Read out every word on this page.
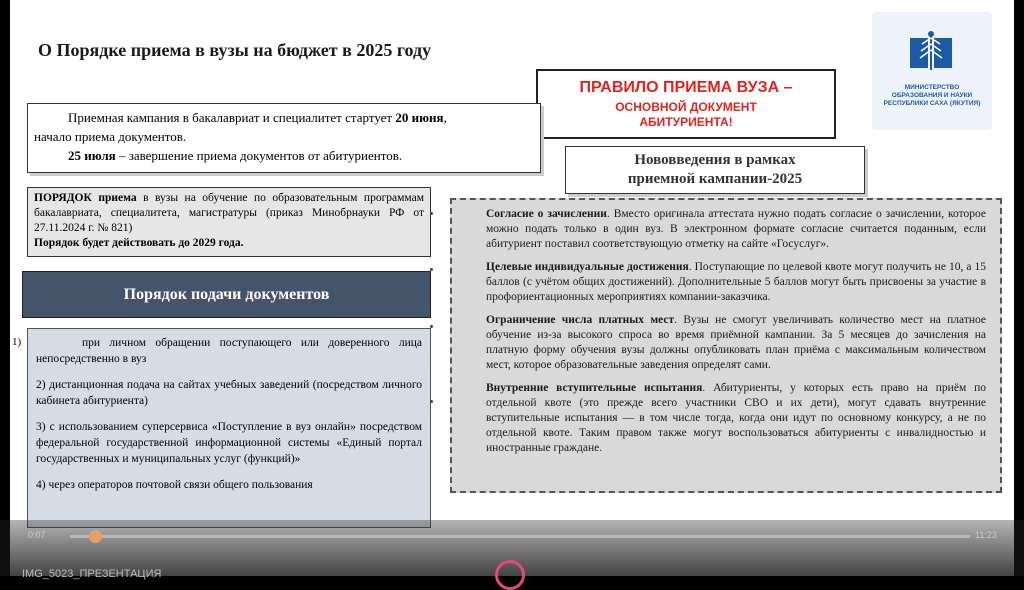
О Порядке приема в вузы на бюджет в 2025 году
МИНИСТЕРСТВО
ОБРАЗОВАНИЯ И НАУКИ
РЕСПУБЛИКИ САХА (ЯКУТИЯ)
ПРАВИЛО ПРИЕМА ВУЗА –
ОСНОВНОЙ ДОКУМЕНТ
АБИТУРИЕНТА!
Приемная кампания в бакалавриат и специалитет стартует 20 июня,
начало приема документов.
25 июля – завершение приема документов от абитуриентов.
ПОРЯДОК приема в вузы на обучение по образовательным программам бакалавриата, специалитета, магистратуры (приказ Минобрнауки РФ от 27.11.2024 г. № 821)
Порядок будет действовать до 2029 года.
Порядок подачи документов
1)	при личном обращении поступающего или доверенного лица непосредственно в вуз

2) дистанционная подача на сайтах учебных заведений (посредством личного кабинета абитуриента)

3) с использованием суперсервиса «Поступление в вуз онлайн» посредством федеральной государственной информационной системы «Единый портал государственных и муниципальных услуг (функций)»

4) через операторов почтовой связи общего пользования

Нововведения в рамках
приемной кампании-2025

Согласие о зачислении. Вместо оригинала аттестата нужно подать согласие о зачислении, которое можно подать только в один вуз. В электронном формате согласие считается поданным, если абитуриент поставил соответствующую отметку на сайте «Госуслуг».

Целевые индивидуальные достижения. Поступающие по целевой квоте могут получить не 10, а 15 баллов (с учётом общих достижений). Дополнительные 5 баллов могут быть присвоены за участие в профориентационных мероприятиях компании-заказчика.

Ограничение числа платных мест. Вузы не смогут увеличивать количество мест на платное обучение из-за высокого спроса во время приёмной кампании. За 5 месяцев до зачисления на платную форму обучения вузы должны опубликовать план приёма с максимальным количеством мест, которое образовательные заведения определят сами.

Внутренние вступительные испытания. Абитуриенты, у которых есть право на приём по отдельной квоте (это прежде всего участники СВО и их дети), могут сдавать внутренние вступительные испытания — в том числе тогда, когда они идут по основному конкурсу, а не по отдельной квоте. Таким правом также могут воспользоваться абитуриенты с инвалидностью и иностранные граждане.

0:07	11:23
IMG_5023_ПРЕЗЕНТАЦИЯ
